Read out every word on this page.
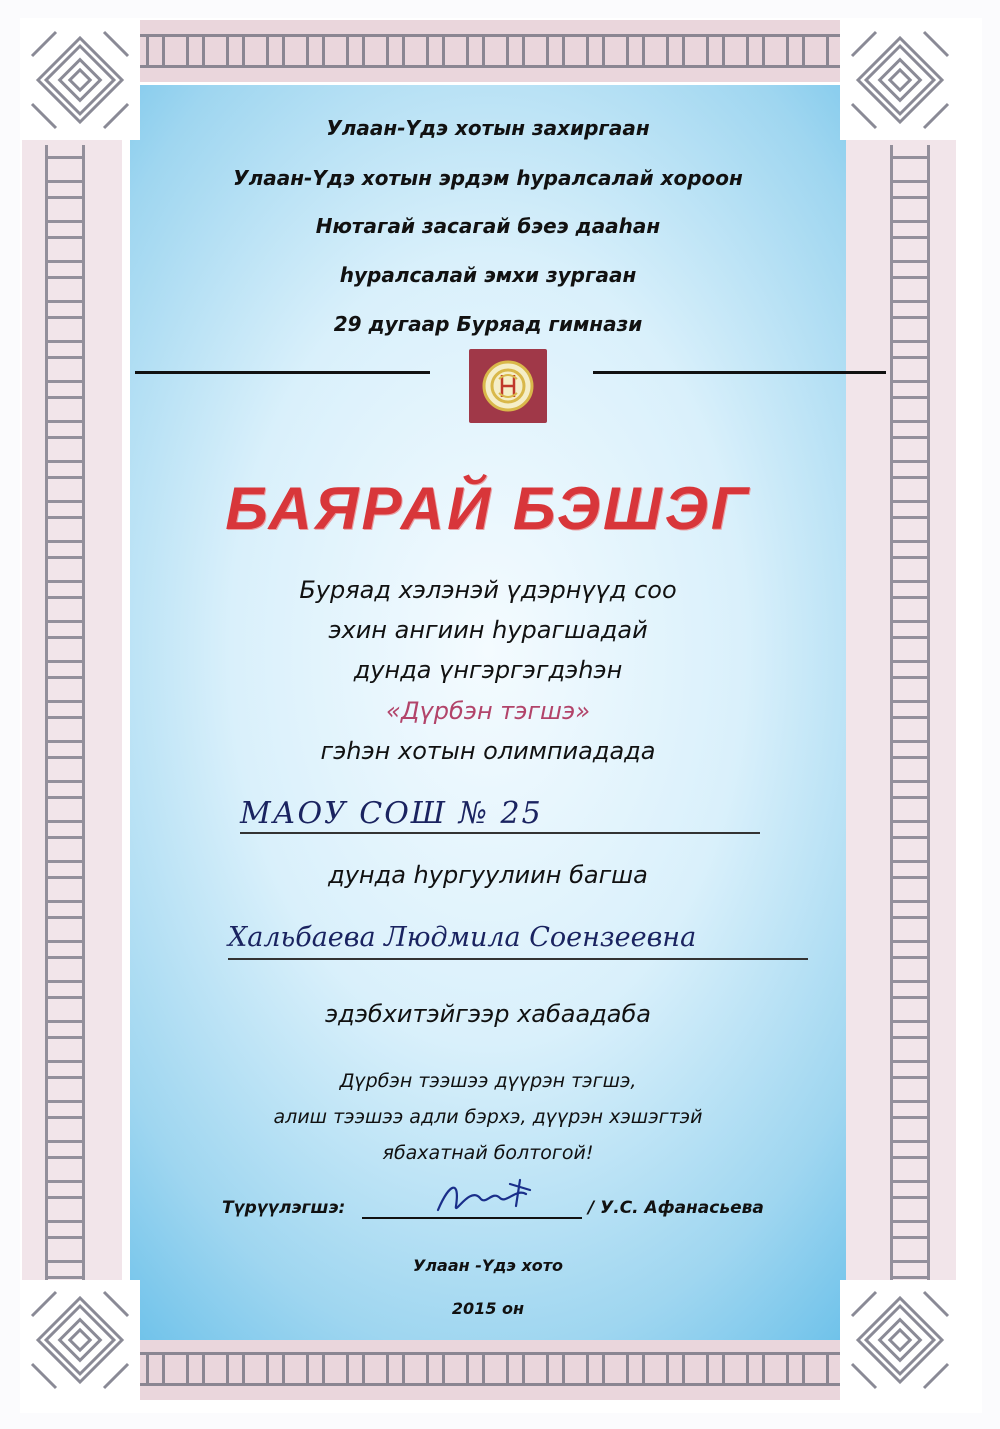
Улаан-Үдэ хотын захиргаан
Улаан-Үдэ хотын эрдэм һуралсалай хороон
Нютагай засагай бэеэ дааһан
һуралсалай эмхи зургаан
29 дугаар Буряад гимнази
БАЯРАЙ БЭШЭГ
Буряад хэлэнэй үдэрнүүд соо
эхин ангиин һурагшадай
дунда үнгэргэгдэһэн
«Дүрбэн тэгшэ»
гэһэн хотын олимпиадада
МАОУ СОШ № 25
дунда һургуулиин багша
Хальбаева Людмила Соензеевна
эдэбхитэйгээр хабаадаба
Дүрбэн тээшээ дүүрэн тэгшэ,
алиш тээшээ адли бэрхэ, дүүрэн хэшэгтэй
ябахатнай болтогой!
Түрүүлэгшэ:	/ У.С. Афанасьева
Улаан -Үдэ хото
2015 он
